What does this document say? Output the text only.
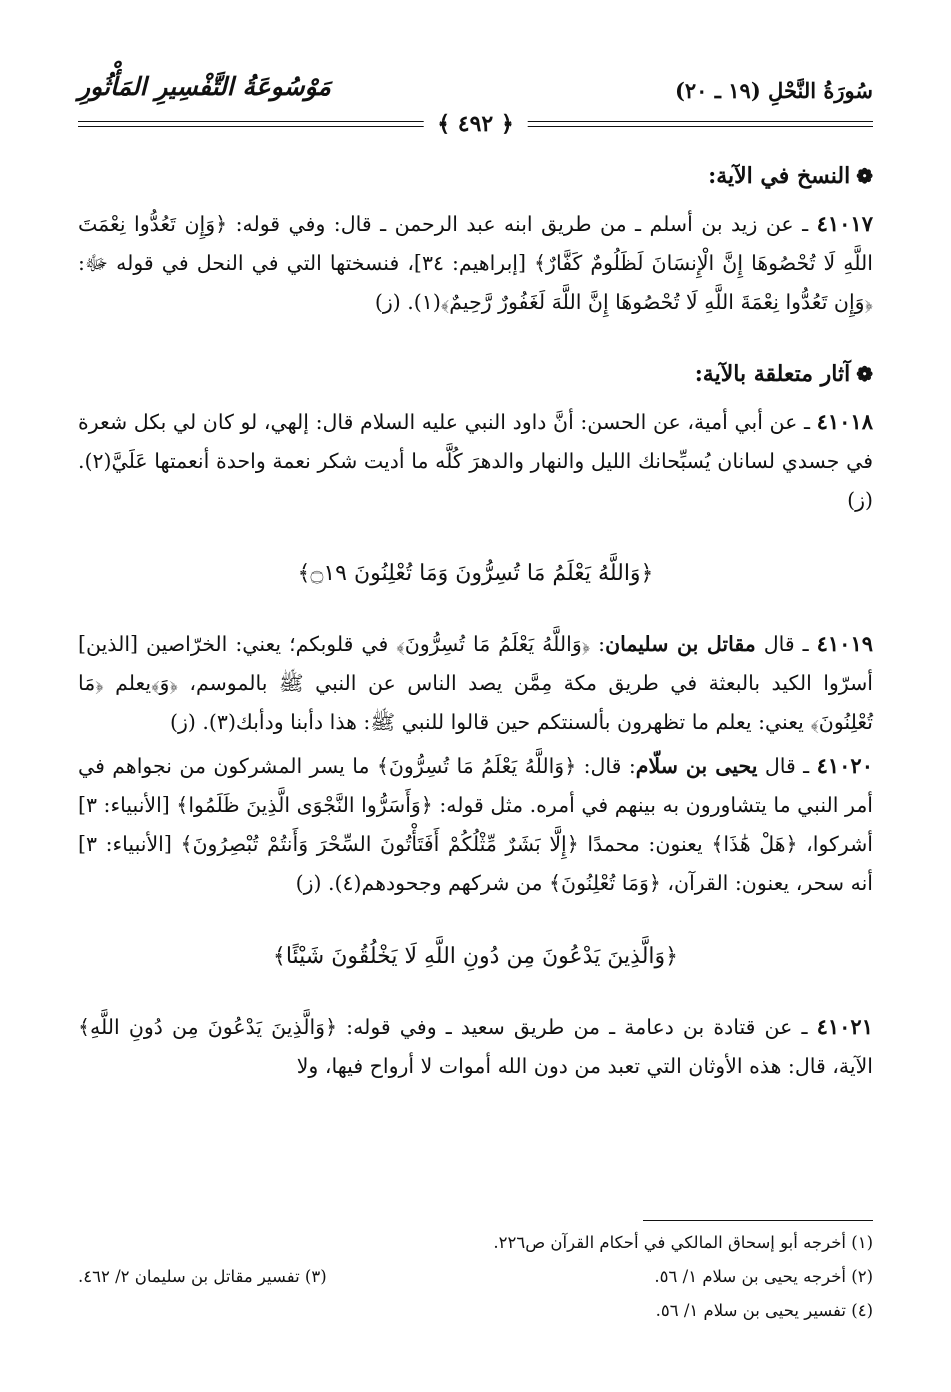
سُورَةُ النَّحْلِ (١٩ ـ ٢٠)
مَوْسُوعَةُ التَّفْسِيرِ المَأْثُورِ
﴿ ٤٩٢ ﴾
❁النسخ في الآية:

٤١٠١٧ ـ عن زيد بن أسلم ـ من طريق ابنه عبد الرحمن ـ قال: وفي قوله: ﴿وَإِن تَعُدُّوا نِعْمَتَ اللَّهِ لَا تُحْصُوهَا إِنَّ الْإِنسَانَ لَظَلُومٌ كَفَّارٌ﴾ [إبراهيم: ٣٤]، فنسختها التي في النحل في قوله ﷻ: ﴿وَإِن تَعُدُّوا نِعْمَةَ اللَّهِ لَا تُحْصُوهَا إِنَّ اللَّهَ لَغَفُورٌ رَّحِيمٌ﴾(١). (ز)

❁آثار متعلقة بالآية:

٤١٠١٨ ـ عن أبي أمية، عن الحسن: أنَّ داود النبي عليه السلام قال: إلهي، لو كان لي بكل شعرة في جسدي لسانان يُسبِّحانك الليل والنهار والدهرَ كُلَّه ما أديت شكر نعمة واحدة أنعمتها عَلَيَّ(٢). (ز)

﴿وَاللَّهُ يَعْلَمُ مَا تُسِرُّونَ وَمَا تُعْلِنُونَ ۝١٩﴾

٤١٠١٩ ـ قال مقاتل بن سليمان: ﴿وَاللَّهُ يَعْلَمُ مَا تُسِرُّونَ﴾ في قلوبكم؛ يعني: الخرّاصين [الذين] أسرّوا الكيد بالبعثة في طريق مكة مِمَّن يصد الناس عن النبي ﷺ بالموسم، ﴿وَ﴾يعلم ﴿مَا تُعْلِنُونَ﴾ يعني: يعلم ما تظهرون بألسنتكم حين قالوا للنبي ﷺ: هذا دأبنا ودأبك(٣). (ز)

٤١٠٢٠ ـ قال يحيى بن سلّام: قال: ﴿وَاللَّهُ يَعْلَمُ مَا تُسِرُّونَ﴾ ما يسر المشركون من نجواهم في أمر النبي ما يتشاورون به بينهم في أمره. مثل قوله: ﴿وَأَسَرُّوا النَّجْوَى الَّذِينَ ظَلَمُوا﴾ [الأنبياء: ٣] أشركوا، ﴿هَلْ هَٰذَا﴾ يعنون: محمدًا ﴿إِلَّا بَشَرٌ مِّثْلُكُمْ أَفَتَأْتُونَ السِّحْرَ وَأَنتُمْ تُبْصِرُونَ﴾ [الأنبياء: ٣] أنه سحر، يعنون: القرآن، ﴿وَمَا تُعْلِنُونَ﴾ من شركهم وجحودهم(٤). (ز)

﴿وَالَّذِينَ يَدْعُونَ مِن دُونِ اللَّهِ لَا يَخْلُقُونَ شَيْئًا﴾

٤١٠٢١ ـ عن قتادة بن دعامة ـ من طريق سعيد ـ وفي قوله: ﴿وَالَّذِينَ يَدْعُونَ مِن دُونِ اللَّهِ﴾ الآية، قال: هذه الأوثان التي تعبد من دون الله أموات لا أرواح فيها، ولا

(١) أخرجه أبو إسحاق المالكي في أحكام القرآن ص٢٢٦.
(٢) أخرجه يحيى بن سلام ١/ ٥٦.
(٣) تفسير مقاتل بن سليمان ٢/ ٤٦٢.
(٤) تفسير يحيى بن سلام ١/ ٥٦.
